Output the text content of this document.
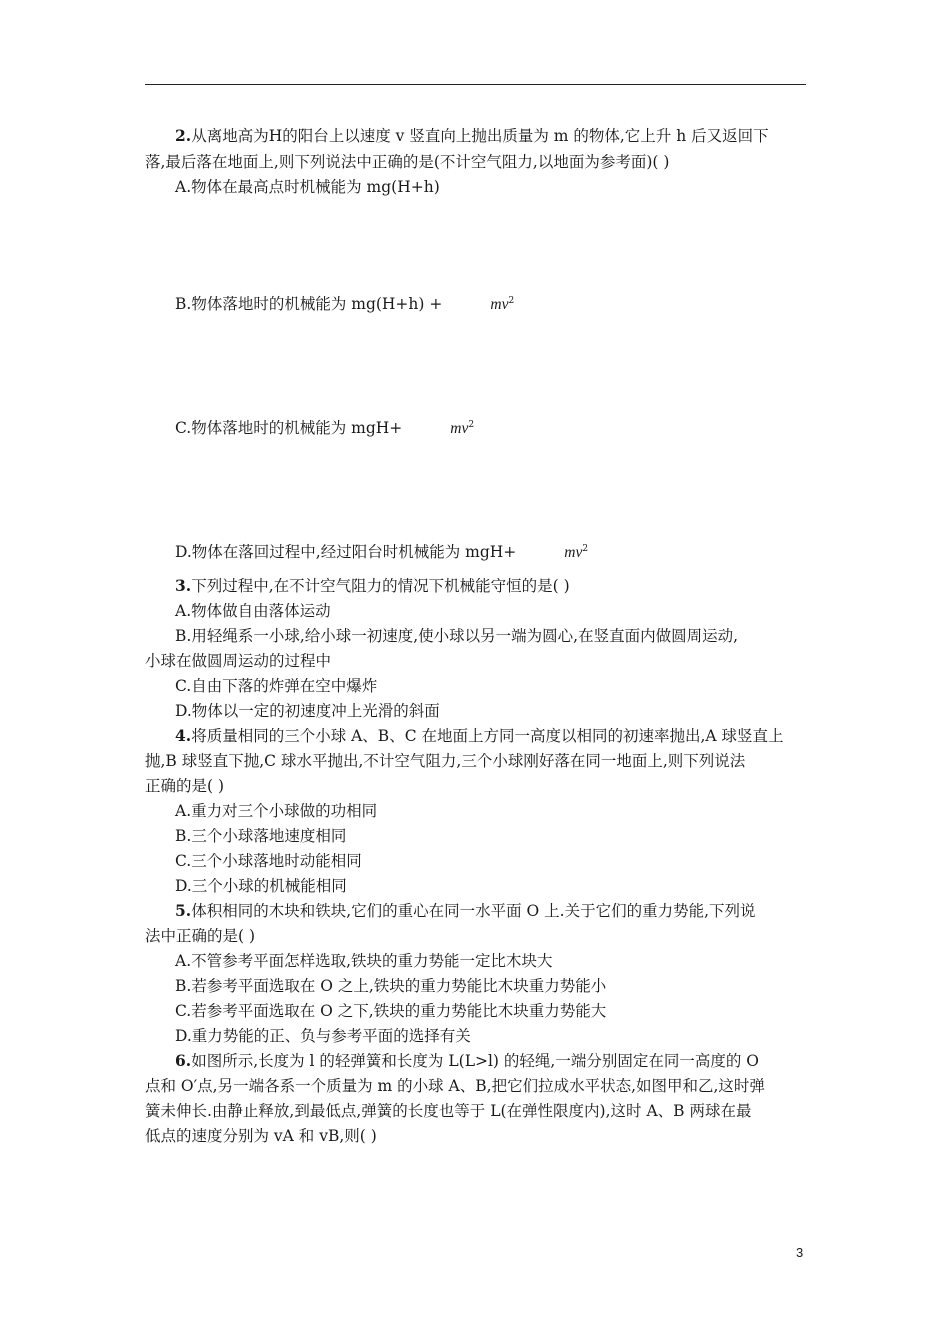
2.从离地高为H的阳台上以速度 v 竖直向上抛出质量为 m 的物体,它上升 h 后又返回下
落,最后落在地面上,则下列说法中正确的是(不计空气阻力,以地面为参考面)( )
A.物体在最高点时机械能为 mg(H+h)
B.物体落地时的机械能为 mg(H+h) +	$mv^2$
C.物体落地时的机械能为 mgH+	$mv^2$
D.物体在落回过程中,经过阳台时机械能为 mgH+	$mv^2$
3.下列过程中,在不计空气阻力的情况下机械能守恒的是( )
A.物体做自由落体运动
B.用轻绳系一小球,给小球一初速度,使小球以另一端为圆心,在竖直面内做圆周运动,
小球在做圆周运动的过程中
C.自由下落的炸弹在空中爆炸
D.物体以一定的初速度冲上光滑的斜面
4.将质量相同的三个小球 A、B、C 在地面上方同一高度以相同的初速率抛出,A 球竖直上
抛,B 球竖直下抛,C 球水平抛出,不计空气阻力,三个小球刚好落在同一地面上,则下列说法
正确的是( )
A.重力对三个小球做的功相同
B.三个小球落地速度相同
C.三个小球落地时动能相同
D.三个小球的机械能相同
5.体积相同的木块和铁块,它们的重心在同一水平面 O 上.关于它们的重力势能,下列说
法中正确的是( )
A.不管参考平面怎样选取,铁块的重力势能一定比木块大
B.若参考平面选取在 O 之上,铁块的重力势能比木块重力势能小
C.若参考平面选取在 O 之下,铁块的重力势能比木块重力势能大
D.重力势能的正、负与参考平面的选择有关
6.如图所示,长度为 l 的轻弹簧和长度为 L(L>l) 的轻绳,一端分别固定在同一高度的 O
点和 O′点,另一端各系一个质量为 m 的小球 A、B,把它们拉成水平状态,如图甲和乙,这时弹
簧未伸长.由静止释放,到最低点,弹簧的长度也等于 L(在弹性限度内),这时 A、B 两球在最
低点的速度分别为 vA 和 vB,则( )
3
